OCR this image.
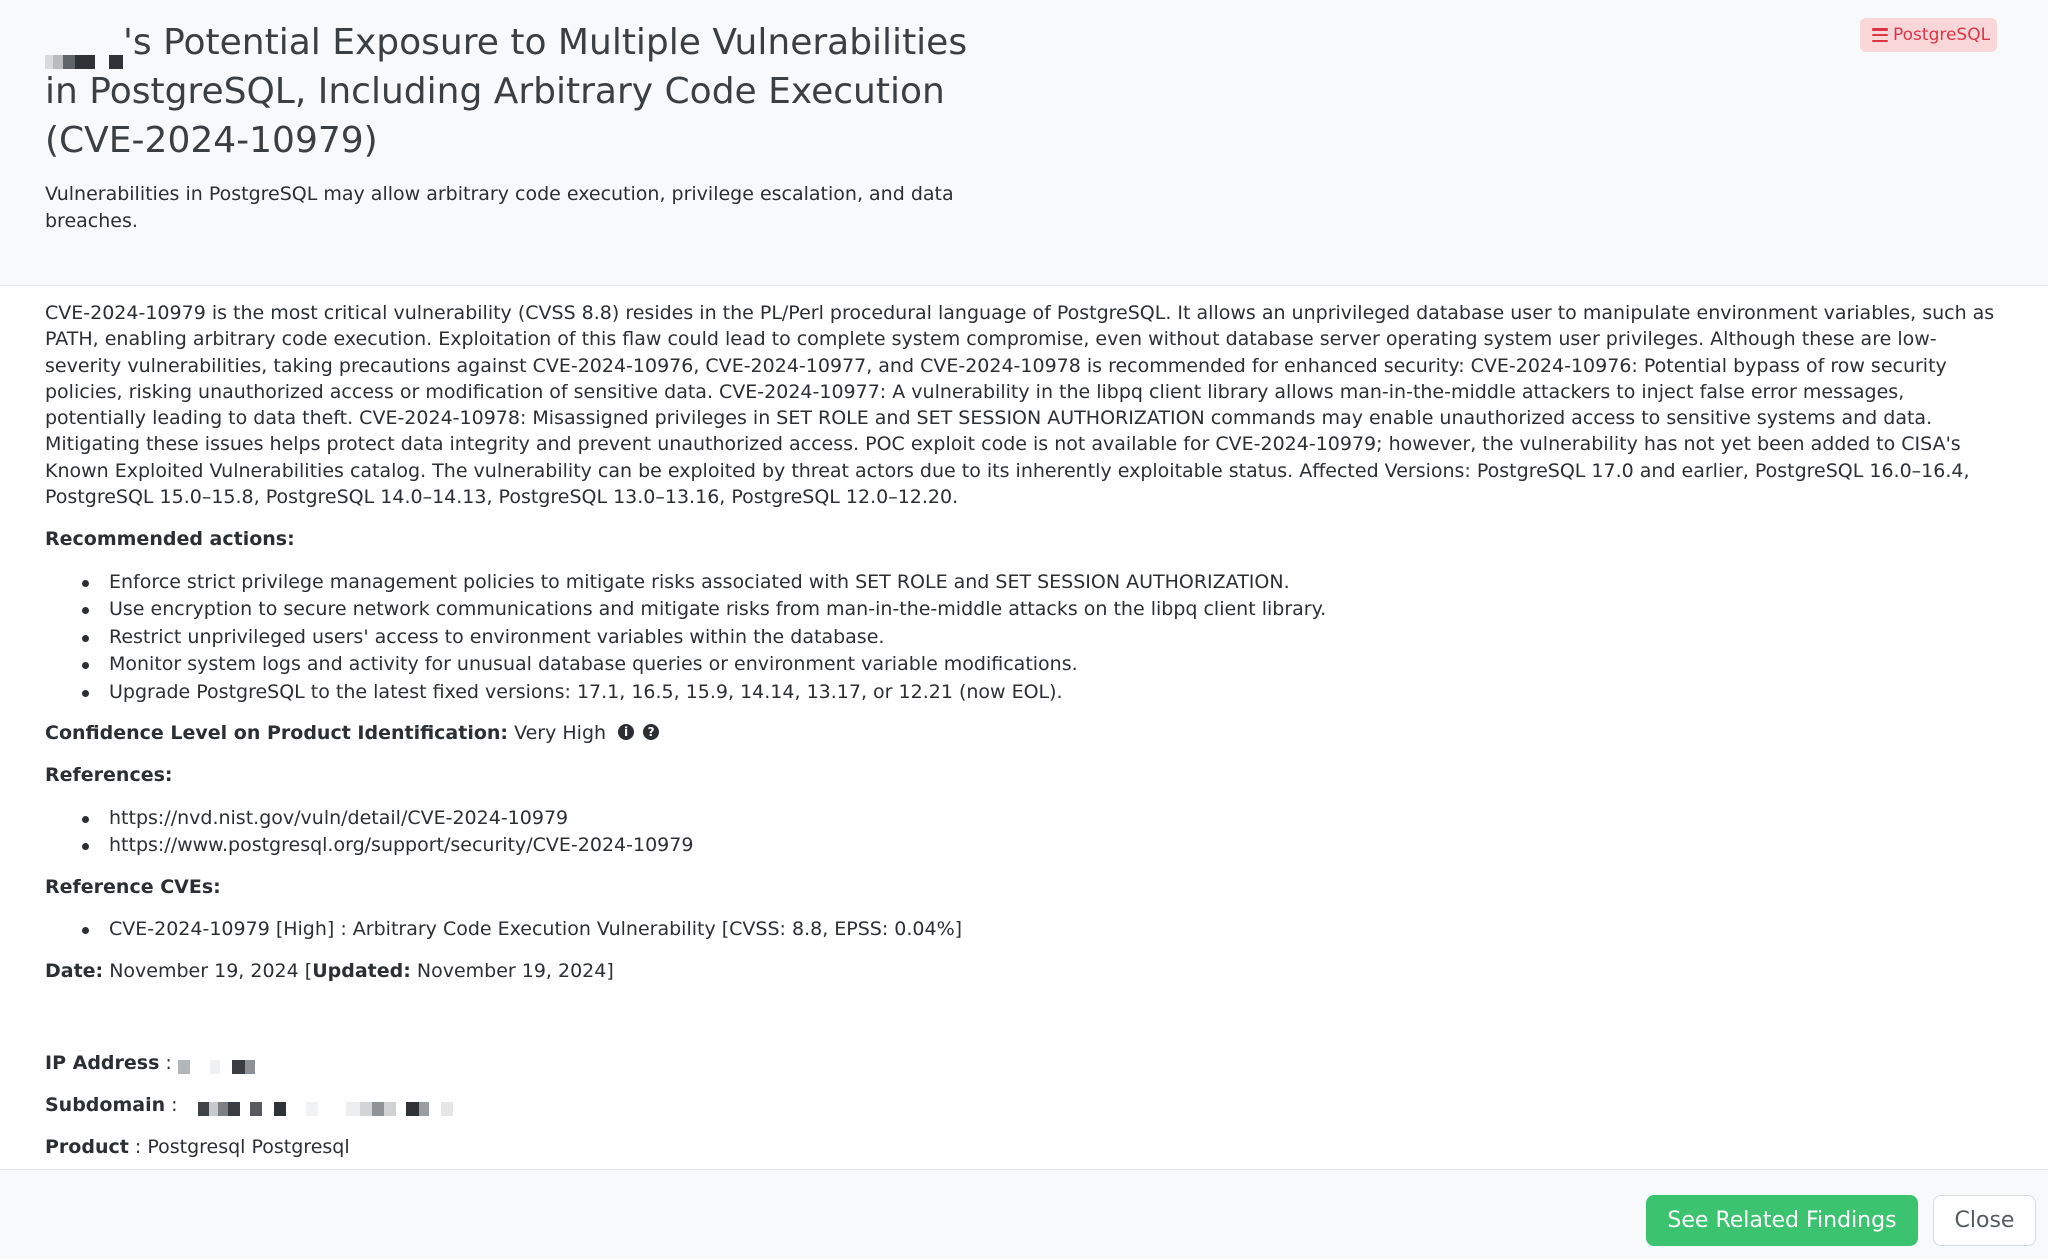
's Potential Exposure to Multiple Vulnerabilities in PostgreSQL, Including Arbitrary Code Execution (CVE-2024-10979)
Vulnerabilities in PostgreSQL may allow arbitrary code execution, privilege escalation, and data breaches.
PostgreSQL
CVE-2024-10979 is the most critical vulnerability (CVSS 8.8) resides in the PL/Perl procedural language of PostgreSQL. It allows an unprivileged database user to manipulate environment variables, such as PATH, enabling arbitrary code execution. Exploitation of this flaw could lead to complete system compromise, even without database server operating system user privileges. Although these are low-severity vulnerabilities, taking precautions against CVE-2024-10976, CVE-2024-10977, and CVE-2024-10978 is recommended for enhanced security: CVE-2024-10976: Potential bypass of row security policies, risking unauthorized access or modification of sensitive data. CVE-2024-10977: A vulnerability in the libpq client library allows man-in-the-middle attackers to inject false error messages, potentially leading to data theft. CVE-2024-10978: Misassigned privileges in SET ROLE and SET SESSION AUTHORIZATION commands may enable unauthorized access to sensitive systems and data. Mitigating these issues helps protect data integrity and prevent unauthorized access. POC exploit code is not available for CVE-2024-10979; however, the vulnerability has not yet been added to CISA's Known Exploited Vulnerabilities catalog. The vulnerability can be exploited by threat actors due to its inherently exploitable status. Affected Versions: PostgreSQL 17.0 and earlier, PostgreSQL 16.0–16.4, PostgreSQL 15.0–15.8, PostgreSQL 14.0–14.13, PostgreSQL 13.0–13.16, PostgreSQL 12.0–12.20.
Recommended actions:
Enforce strict privilege management policies to mitigate risks associated with SET ROLE and SET SESSION AUTHORIZATION.
Use encryption to secure network communications and mitigate risks from man-in-the-middle attacks on the libpq client library.
Restrict unprivileged users' access to environment variables within the database.
Monitor system logs and activity for unusual database queries or environment variable modifications.
Upgrade PostgreSQL to the latest fixed versions: 17.1, 16.5, 15.9, 14.14, 13.17, or 12.21 (now EOL).
Confidence Level on Product Identification: Very High i ?
References:
https://nvd.nist.gov/vuln/detail/CVE-2024-10979
https://www.postgresql.org/support/security/CVE-2024-10979
Reference CVEs:
CVE-2024-10979 [High] : Arbitrary Code Execution Vulnerability [CVSS: 8.8, EPSS: 0.04%]
Date: November 19, 2024 [Updated: November 19, 2024]
IP Address :
Subdomain :
Product : Postgresql Postgresql
See Related Findings	Close
